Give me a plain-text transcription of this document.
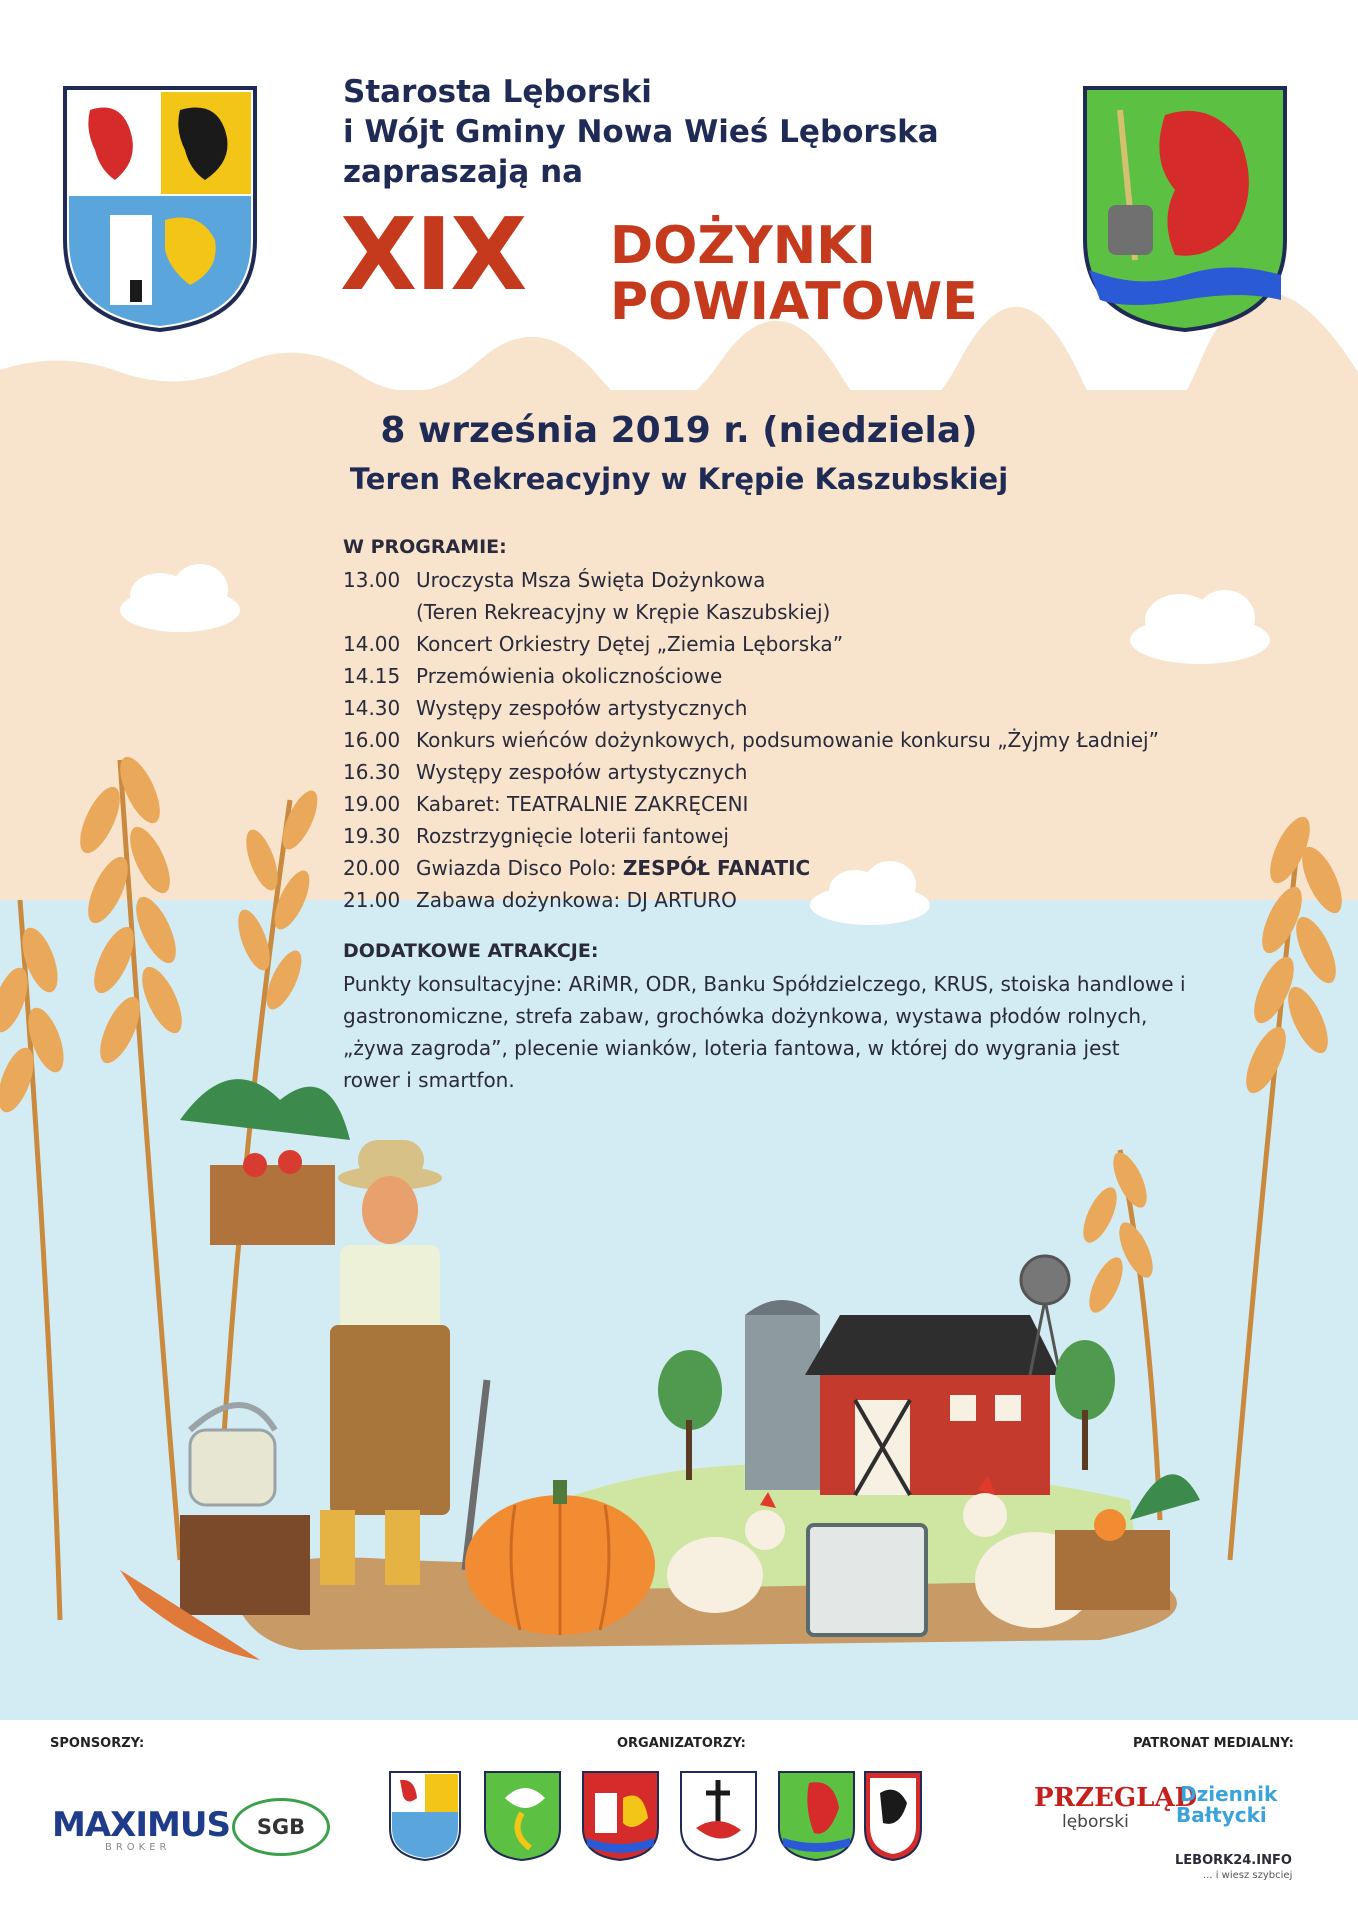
Starosta Lęborski
i Wójt Gminy Nowa Wieś Lęborska
zapraszają na
XIX DOŻYNKI
POWIATOWE
8 września 2019 r. (niedziela)
Teren Rekreacyjny w Krępie Kaszubskiej
W PROGRAMIE:
13.00 Uroczysta Msza Święta Dożynkowa
(Teren Rekreacyjny w Krępie Kaszubskiej)
14.00 Koncert Orkiestry Dętej „Ziemia Lęborska”
14.15 Przemówienia okolicznościowe
14.30 Występy zespołów artystycznych
16.00 Konkurs wieńców dożynkowych, podsumowanie konkursu „Żyjmy Ładniej”
16.30 Występy zespołów artystycznych
19.00 Kabaret: TEATRALNIE ZAKRĘCENI
19.30 Rozstrzygnięcie loterii fantowej
20.00 Gwiazda Disco Polo: ZESPÓŁ FANATIC
21.00 Zabawa dożynkowa: DJ ARTURO
DODATKOWE ATRAKCJE:
Punkty konsultacyjne: ARiMR, ODR, Banku Spółdzielczego, KRUS, stoiska handlowe i
gastronomiczne, strefa zabaw, grochówka dożynkowa, wystawa płodów rolnych,
„żywa zagroda”, plecenie wianków, loteria fantowa, w której do wygrania jest
rower i smartfon.
SPONSORZY:	ORGANIZATORZY:	PATRONAT MEDIALNY:
MAXIMUS
BROKER
SGB
PRZEGLĄD
lęborski
Dziennik
Bałtycki
LEBORK24.INFO
... i wiesz szybciej
